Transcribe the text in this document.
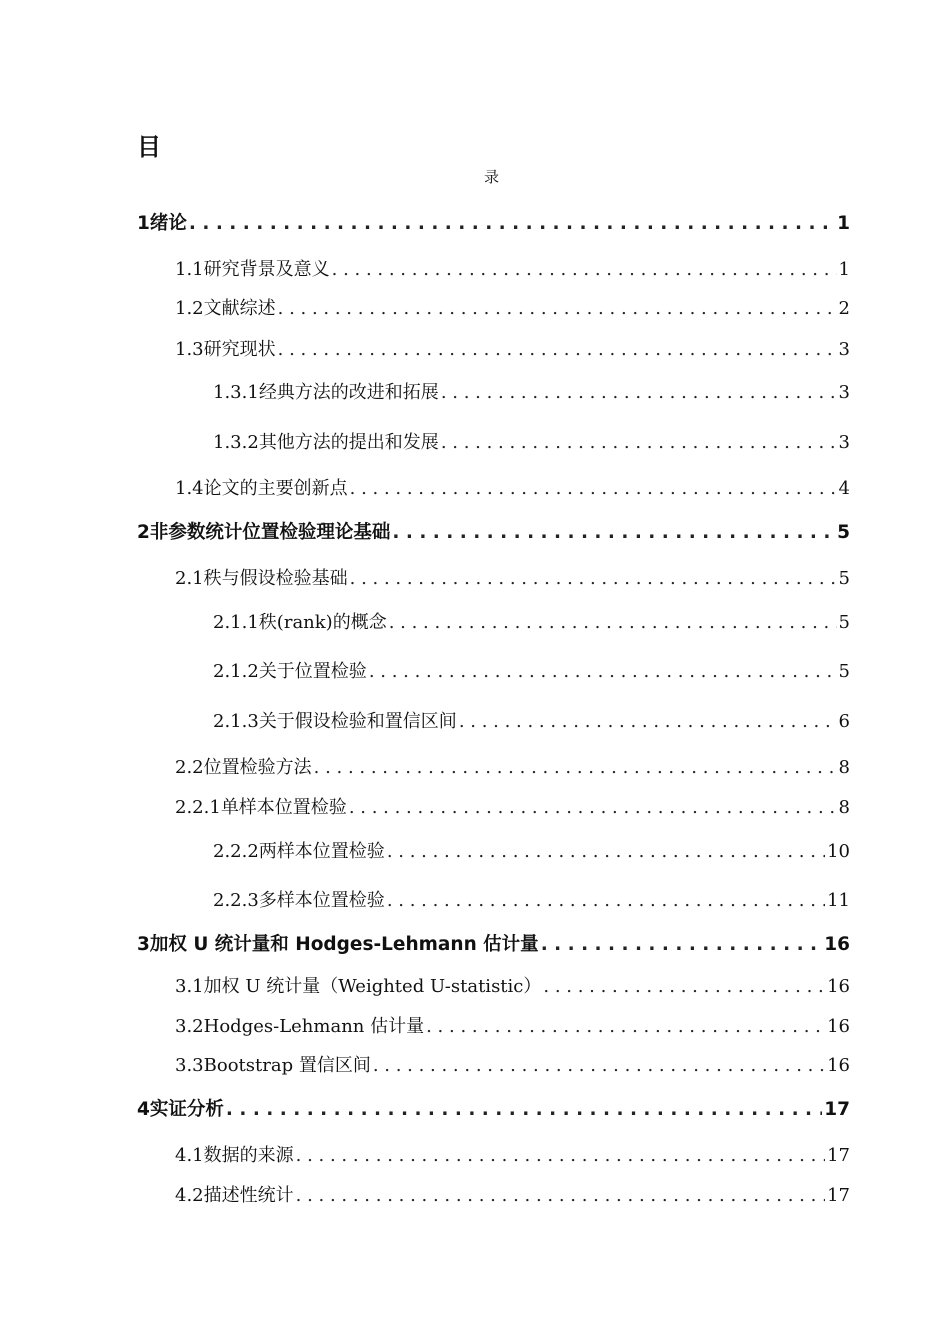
目
录
1 绪论 . . .	1
1.1 研究背景及意义 . . .	1
1.2 文献综述 . . .	2
1.3 研究现状 . . .	3
1.3.1 经典方法的改进和拓展 . . .	3
1.3.2 其他方法的提出和发展 . . .	3
1.4 论文的主要创新点 . . .	4
2 非参数统计位置检验理论基础 . . .	5
2.1 秩与假设检验基础 . . .	5
2.1.1 秩(rank)的概念 . . .	5
2.1.2 关于位置检验 . . .	5
2.1.3 关于假设检验和置信区间 . . .	6
2.2 位置检验方法 . . .	8
2.2.1 单样本位置检验 . . .	8
2.2.2 两样本位置检验 . . .	10
2.2.3 多样本位置检验 . . .	11
3 加权 U 统计量和 Hodges-Lehmann 估计量 . . .	16
3.1 加权 U 统计量（Weighted U-statistic） . . .	16
3.2 Hodges-Lehmann 估计量 . . .	16
3.3 Bootstrap 置信区间 . . .	16
4 实证分析 . . .	17
4.1 数据的来源 . . .	17
4.2 描述性统计 . . .	17
